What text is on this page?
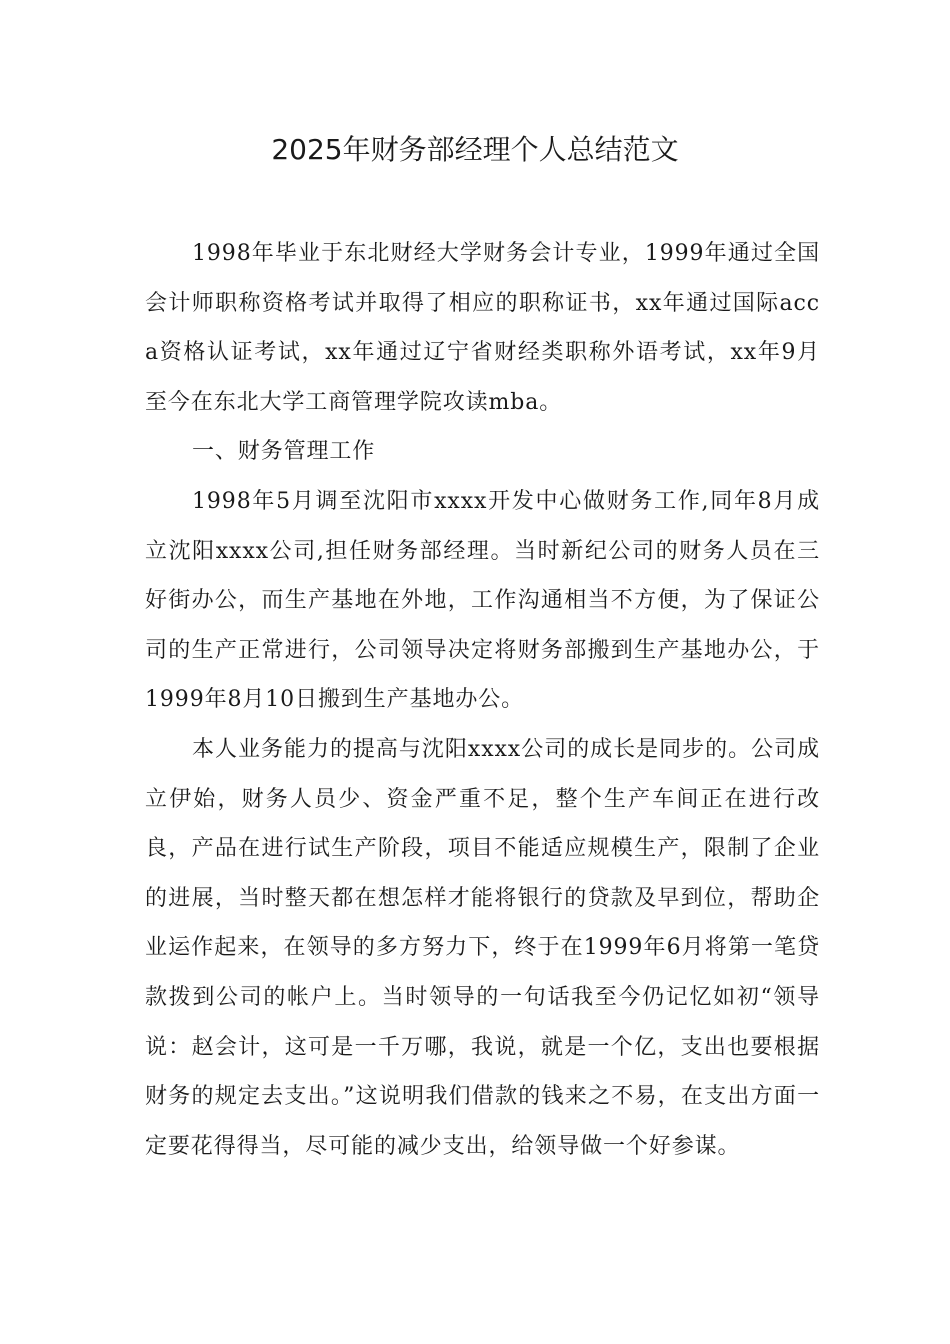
2025年财务部经理个人总结范文

1998年毕业于东北财经大学财务会计专业，1999年通过全国会计师职称资格考试并取得了相应的职称证书，xx年通过国际acca资格认证考试，xx年通过辽宁省财经类职称外语考试，xx年9月至今在东北大学工商管理学院攻读mba。

一、财务管理工作

1998年5月调至沈阳市xxxx开发中心做财务工作,同年8月成立沈阳xxxx公司,担任财务部经理。当时新纪公司的财务人员在三好街办公，而生产基地在外地，工作沟通相当不方便，为了保证公司的生产正常进行，公司领导决定将财务部搬到生产基地办公，于1999年8月10日搬到生产基地办公。

本人业务能力的提高与沈阳xxxx公司的成长是同步的。公司成立伊始，财务人员少、资金严重不足，整个生产车间正在进行改良，产品在进行试生产阶段，项目不能适应规模生产，限制了企业的进展，当时整天都在想怎样才能将银行的贷款及早到位，帮助企业运作起来，在领导的多方努力下，终于在1999年6月将第一笔贷款拨到公司的帐户上。当时领导的一句话我至今仍记忆如初“领导说：赵会计，这可是一千万哪，我说，就是一个亿，支出也要根据财务的规定去支出。”这说明我们借款的钱来之不易，在支出方面一定要花得得当，尽可能的减少支出，给领导做一个好参谋。
